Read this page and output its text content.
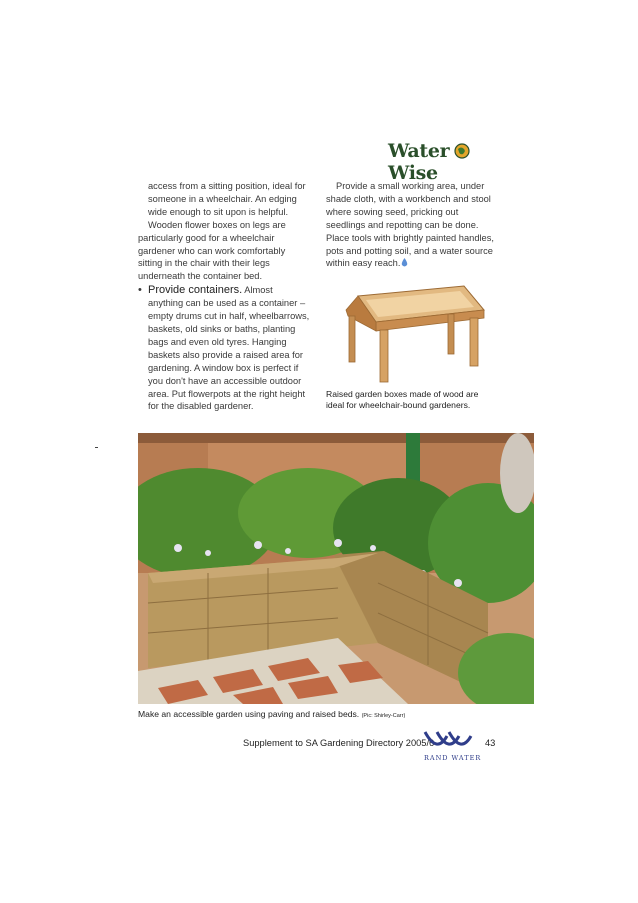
Water  Wise

access from a sitting position, ideal for someone in a wheelchair. An edging wide enough to sit upon is helpful.

Wooden flower boxes on legs are particularly good for a wheelchair gardener who can work comfortably sitting in the chair with their legs underneath the container bed.

• Provide containers. Almost anything can be used as a container – empty drums cut in half, wheelbarrows, baskets, old sinks or baths, planting bags and even old tyres. Hanging baskets also provide a raised area for gardening. A window box is perfect if you don't have an accessible outdoor area. Put flowerpots at the right height for the disabled gardener.

Provide a small working area, under shade cloth, with a workbench and stool where sowing seed, pricking out seedlings and repotting can be done. Place tools with brightly painted handles, pots and potting soil, and a water source within easy reach.

Raised garden boxes made of wood are ideal for wheelchair-bound gardeners.
Make an accessible garden using paving and raised beds. (Pic: Shirley-Carr)
Supplement to SA Gardening Directory 2005/6
RAND WATER
43
